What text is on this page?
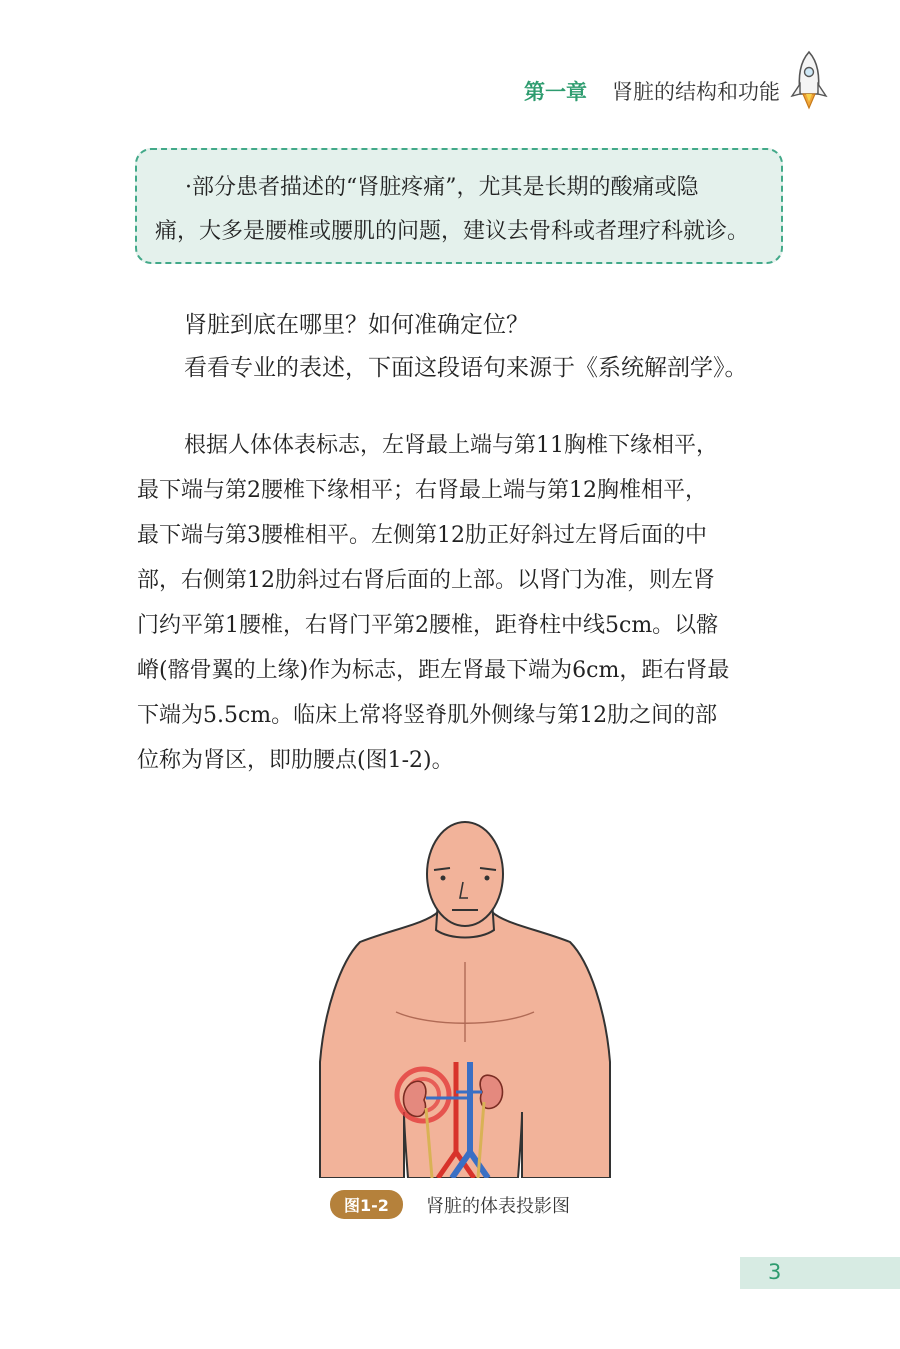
第一章 肾脏的结构和功能
·部分患者描述的“肾脏疼痛”，尤其是长期的酸痛或隐
痛，大多是腰椎或腰肌的问题，建议去骨科或者理疗科就诊。
肾脏到底在哪里？如何准确定位？
看看专业的表述，下面这段语句来源于《系统解剖学》。
根据人体体表标志，左肾最上端与第11胸椎下缘相平，
最下端与第2腰椎下缘相平；右肾最上端与第12胸椎相平，
最下端与第3腰椎相平。左侧第12肋正好斜过左肾后面的中
部，右侧第12肋斜过右肾后面的上部。以肾门为准，则左肾
门约平第1腰椎，右肾门平第2腰椎，距脊柱中线5cm。以髂
嵴(髂骨翼的上缘)作为标志，距左肾最下端为6cm，距右肾最
下端为5.5cm。临床上常将竖脊肌外侧缘与第12肋之间的部
位称为肾区，即肋腰点(图1-2)。
图1-2 肾脏的体表投影图
3
